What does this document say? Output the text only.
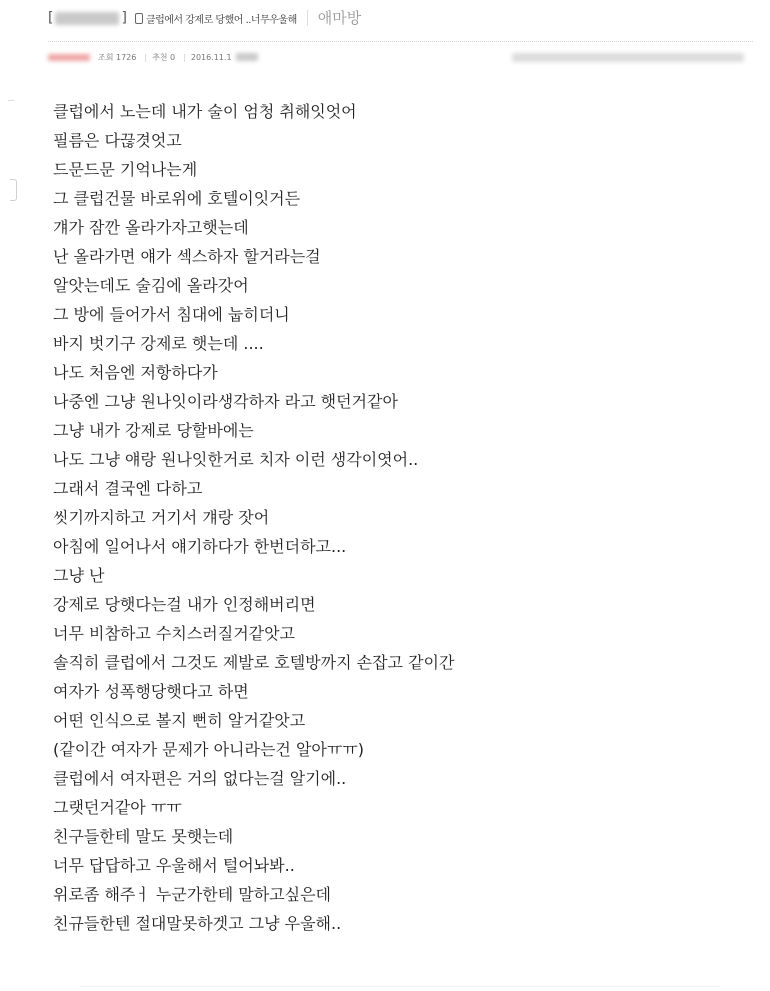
[	] 클럽에서 강제로 당했어 ..너무우울해	애마방
조회 1726 | 추천 0 | 2016.11.1
클럽에서 노는데 내가 술이 엄청 취해잇엇어
필름은 다끊겻엇고
드문드문 기억나는게
그 클럽건물 바로위에 호텔이잇거든
걔가 잠깐 올라가자고햇는데
난 올라가면 얘가 섹스하자 할거라는걸
알앗는데도 술김에 올라갓어
그 방에 들어가서 침대에 눕히더니
바지 벗기구 강제로 햇는데 ....
나도 처음엔 저항하다가
나중엔 그냥 원나잇이라생각하자 라고 햇던거같아
그냥 내가 강제로 당할바에는
나도 그냥 얘랑 원나잇한거로 치자 이런 생각이엿어..
그래서 결국엔 다하고
씻기까지하고 거기서 걔랑 잣어
아침에 일어나서 얘기하다가 한번더하고...
그냥 난
강제로 당햇다는걸 내가 인정해버리면
너무 비참하고 수치스러질거같앗고
솔직히 클럽에서 그것도 제발로 호텔방까지 손잡고 같이간
여자가 성폭행당햇다고 하면
어떤 인식으로 볼지 뻔히 알거같앗고
(같이간 여자가 문제가 아니라는건 알아ㅠㅠ)
클럽에서 여자편은 거의 없다는걸 알기에..
그랫던거같아 ㅠㅠ
친구들한테 말도 못햇는데
너무 답답하고 우울해서 털어놔봐..
위로좀 해주ㅓ 누군가한테 말하고싶은데
친규들한텐 절대말못하겟고 그냥 우울해..
